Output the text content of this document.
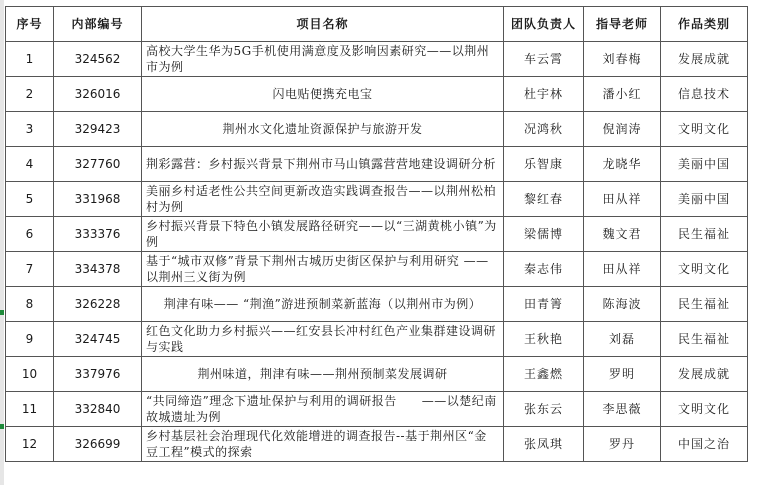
序号	内部编号	项目名称	团队负责人	指导老师	作品类别
1	324562	高校大学生华为5G手机使用满意度及影响因素研究——以荆州市为例	车云霄	刘春梅	发展成就
2	326016	闪电贴便携充电宝	杜宇林	潘小红	信息技术
3	329423	荆州水文化遗址资源保护与旅游开发	况鸿秋	倪润涛	文明文化
4	327760	荆彩露营：乡村振兴背景下荆州市马山镇露营营地建设调研分析	乐智康	龙晓华	美丽中国
5	331968	美丽乡村适老性公共空间更新改造实践调查报告——以荆州松柏村为例	黎红春	田从祥	美丽中国
6	333376	乡村振兴背景下特色小镇发展路径研究——以“三湖黄桃小镇”为例	梁儒博	魏文君	民生福祉
7	334378	基于“城市双修”背景下荆州古城历史街区保护与利用研究 ——以荆州三义街为例	秦志伟	田从祥	文明文化
8	326228	荆津有味—— “荆渔”游进预制菜新蓝海（以荆州市为例）	田青箐	陈海波	民生福祉
9	324745	红色文化助力乡村振兴——红安县长冲村红色产业集群建设调研与实践	王秋艳	刘磊	民生福祉
10	337976	荆州味道，荆津有味——荆州预制菜发展调研	王鑫燃	罗明	发展成就
11	332840	“共同缔造”理念下遗址保护与利用的调研报告　　——以楚纪南故城遗址为例	张东云	李思薇	文明文化
12	326699	乡村基层社会治理现代化效能增进的调查报告--基于荆州区“金豆工程”模式的探索	张凤琪	罗丹	中国之治
